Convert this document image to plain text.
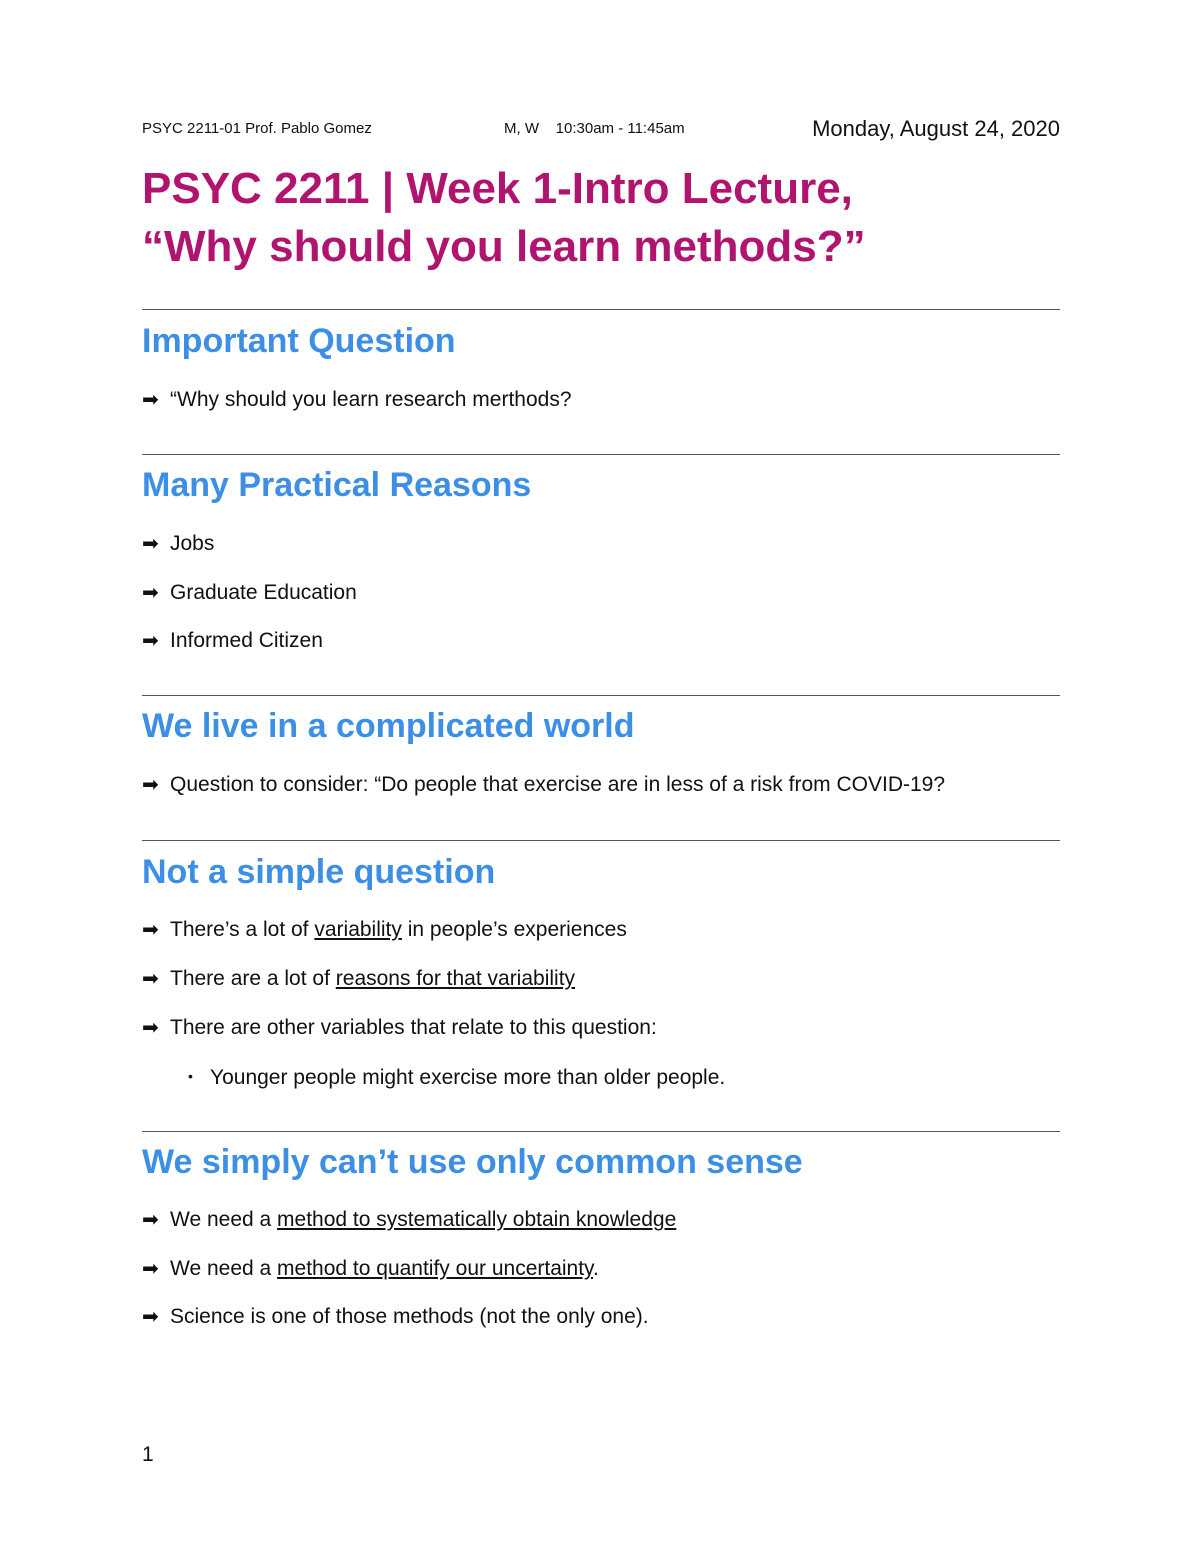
PSYC 2211-01 Prof. Pablo Gomez	M, W    10:30am - 11:45am	Monday, August 24, 2020
PSYC 2211 | Week 1-Intro Lecture,
“Why should you learn methods?”
Important Question
➡ “Why should you learn research merthods?
Many Practical Reasons
➡ Jobs
➡ Graduate Education
➡ Informed Citizen
We live in a complicated world
➡ Question to consider: “Do people that exercise are in less of a risk from COVID-19?
Not a simple question
➡ There’s a lot of variability in people’s experiences
➡ There are a lot of reasons for that variability
➡ There are other variables that relate to this question:
• Younger people might exercise more than older people.
We simply can’t use only common sense
➡ We need a method to systematically obtain knowledge
➡ We need a method to quantify our uncertainty.
➡ Science is one of those methods (not the only one).
1
